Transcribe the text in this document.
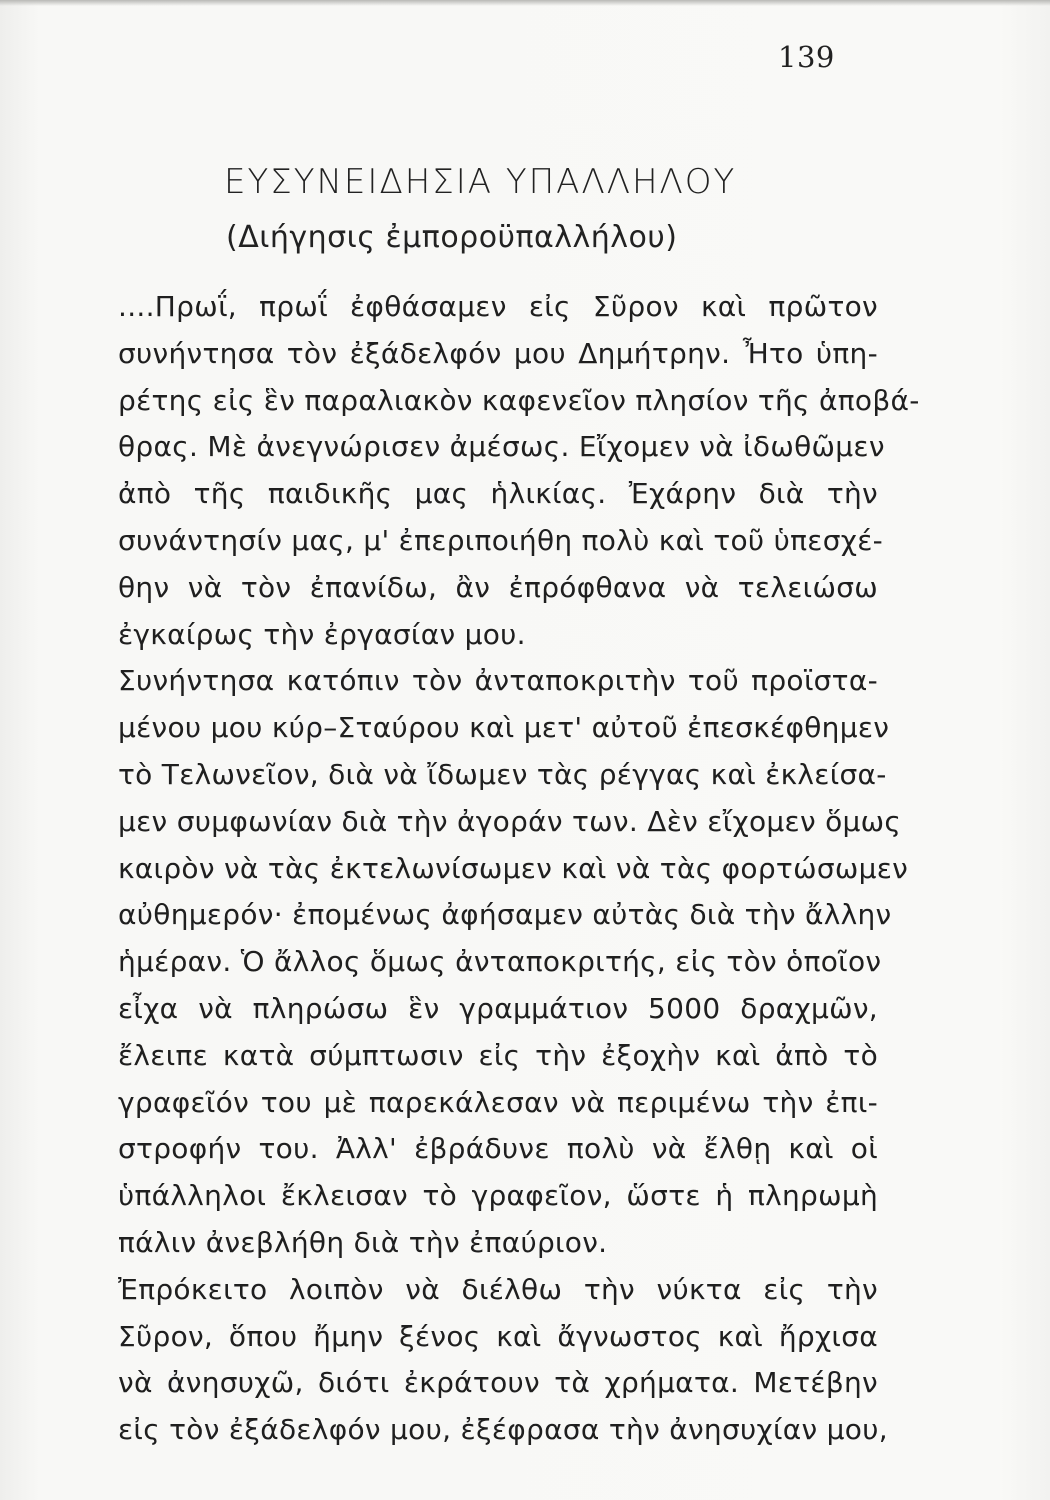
139
ΕΥΣΥΝΕΙΔΗΣΙΑ ΥΠΑΛΛΗΛΟΥ
(Διήγησις ἐμποροϋπαλλήλου)
....Πρωΐ, πρωΐ ἐφθάσαμεν εἰς Σῦρον καὶ πρῶτον
συνήντησα τὸν ἐξάδελφόν μου Δημήτρην. Ἦτο ὑπη-
ρέτης εἰς ἓν παραλιακὸν καφενεῖον πλησίον τῆς ἀποβά-
θρας. Μὲ ἀνεγνώρισεν ἀμέσως. Εἴχομεν νὰ ἰδωθῶμεν
ἀπὸ τῆς παιδικῆς μας ἡλικίας. Ἐχάρην διὰ τὴν
συνάντησίν μας, μ' ἐπεριποιήθη πολὺ καὶ τοῦ ὑπεσχέ-
θην νὰ τὸν ἐπανίδω, ἂν ἐπρόφθανα νὰ τελειώσω
ἐγκαίρως τὴν ἐργασίαν μου.
Συνήντησα κατόπιν τὸν ἀνταποκριτὴν τοῦ προϊστα-
μένου μου κύρ–Σταύρου καὶ μετ' αὐτοῦ ἐπεσκέφθημεν
τὸ Τελωνεῖον, διὰ νὰ ἴδωμεν τὰς ρέγγας καὶ ἐκλείσα-
μεν συμφωνίαν διὰ τὴν ἀγοράν των. Δὲν εἴχομεν ὅμως
καιρὸν νὰ τὰς ἐκτελωνίσωμεν καὶ νὰ τὰς φορτώσωμεν
αὐθημερόν· ἐπομένως ἀφήσαμεν αὐτὰς διὰ τὴν ἄλλην
ἡμέραν. Ὁ ἄλλος ὅμως ἀνταποκριτής, εἰς τὸν ὁποῖον
εἶχα νὰ πληρώσω ἓν γραμμάτιον 5000 δραχμῶν,
ἔλειπε κατὰ σύμπτωσιν εἰς τὴν ἐξοχὴν καὶ ἀπὸ τὸ
γραφεῖόν του μὲ παρεκάλεσαν νὰ περιμένω τὴν ἐπι-
στροφήν του. Ἀλλ' ἐβράδυνε πολὺ νὰ ἔλθῃ καὶ οἱ
ὑπάλληλοι ἔκλεισαν τὸ γραφεῖον, ὥστε ἡ πληρωμὴ
πάλιν ἀνεβλήθη διὰ τὴν ἐπαύριον.
Ἐπρόκειτο λοιπὸν νὰ διέλθω τὴν νύκτα εἰς τὴν
Σῦρον, ὅπου ἤμην ξένος καὶ ἄγνωστος καὶ ἤρχισα
νὰ ἀνησυχῶ, διότι ἐκράτουν τὰ χρήματα. Μετέβην
εἰς τὸν ἐξάδελφόν μου, ἐξέφρασα τὴν ἀνησυχίαν μου,
